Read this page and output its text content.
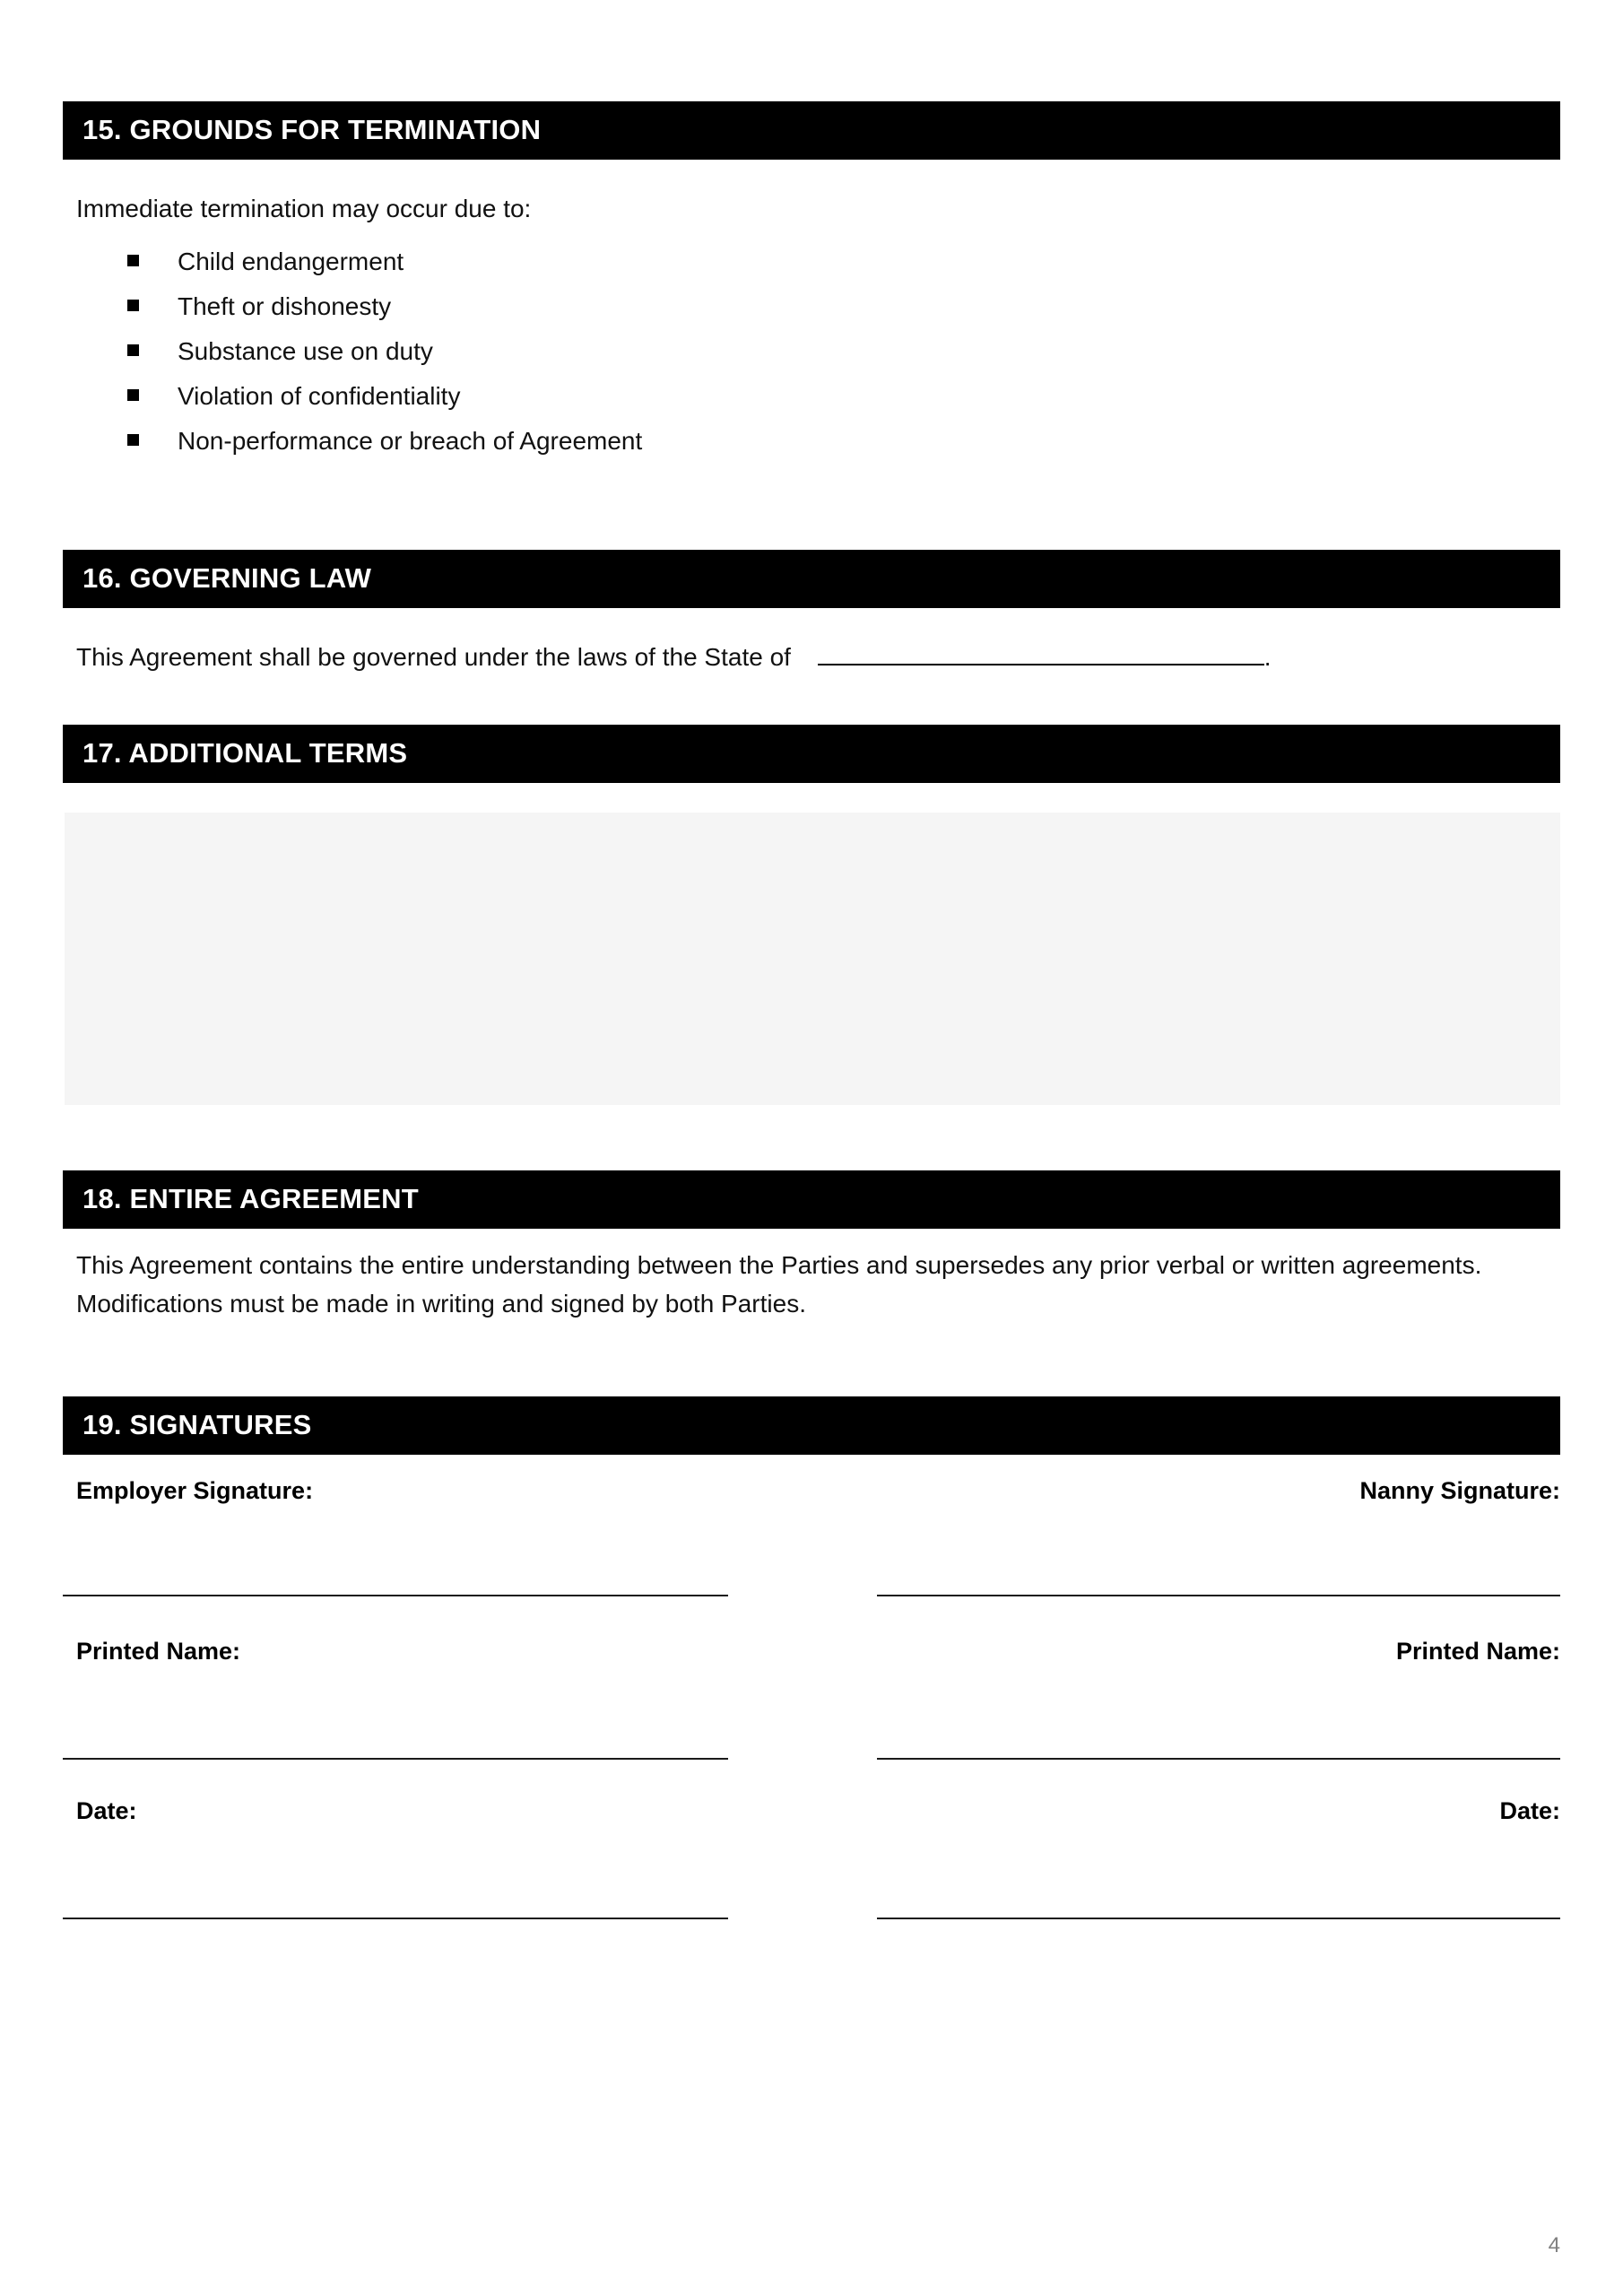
15. GROUNDS FOR TERMINATION
Immediate termination may occur due to:
Child endangerment
Theft or dishonesty
Substance use on duty
Violation of confidentiality
Non-performance or breach of Agreement
16. GOVERNING LAW
This Agreement shall be governed under the laws of the State of	.
17. ADDITIONAL TERMS
18. ENTIRE AGREEMENT
This Agreement contains the entire understanding between the Parties and supersedes any prior verbal or written agreements. Modifications must be made in writing and signed by both Parties.
19. SIGNATURES
Employer Signature:	Nanny Signature:
Printed Name:	Printed Name:
Date:	Date:
4
